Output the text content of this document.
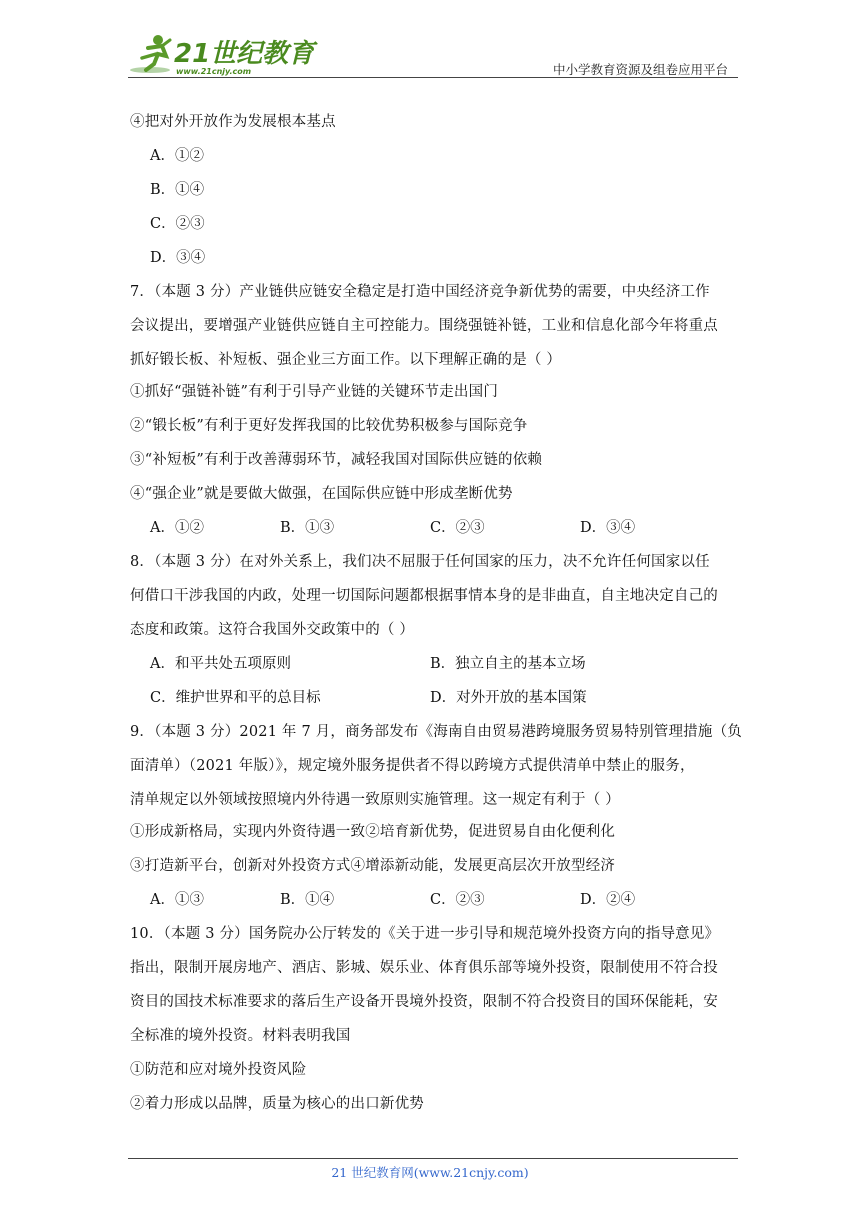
21世纪教育
www.21cnjy.com	中小学教育资源及组卷应用平台
④把对外开放作为发展根本基点
A．①②
B．①④
C．②③
D．③④
7．（本题 3 分）产业链供应链安全稳定是打造中国经济竞争新优势的需要，中央经济工作
会议提出，要增强产业链供应链自主可控能力。围绕强链补链，工业和信息化部今年将重点
抓好锻长板、补短板、强企业三方面工作。以下理解正确的是（ ）
①抓好“强链补链”有利于引导产业链的关键环节走出国门
②“锻长板”有利于更好发挥我国的比较优势积极参与国际竞争
③“补短板”有利于改善薄弱环节，减轻我国对国际供应链的依赖
④“强企业”就是要做大做强，在国际供应链中形成垄断优势
A．①②	B．①③	C．②③	D．③④
8．（本题 3 分）在对外关系上，我们决不屈服于任何国家的压力，决不允许任何国家以任
何借口干涉我国的内政，处理一切国际问题都根据事情本身的是非曲直，自主地决定自己的
态度和政策。这符合我国外交政策中的（ ）
A．和平共处五项原则	B．独立自主的基本立场
C．维护世界和平的总目标	D．对外开放的基本国策
9．（本题 3 分）2021 年 7 月，商务部发布《海南自由贸易港跨境服务贸易特别管理措施（负
面清单）（2021 年版）》，规定境外服务提供者不得以跨境方式提供清单中禁止的服务，
清单规定以外领域按照境内外待遇一致原则实施管理。这一规定有利于（ ）
①形成新格局，实现内外资待遇一致②培育新优势，促进贸易自由化便利化
③打造新平台，创新对外投资方式④增添新动能，发展更高层次开放型经济
A．①③	B．①④	C．②③	D．②④
10．（本题 3 分）国务院办公厅转发的《关于进一步引导和规范境外投资方向的指导意见》
指出，限制开展房地产、酒店、影城、娱乐业、体育俱乐部等境外投资，限制使用不符合投
资目的国技术标准要求的落后生产设备开畏境外投资，限制不符合投资目的国环保能耗，安
全标准的境外投资。材料表明我国
①防范和应对境外投资风险
②着力形成以品牌，质量为核心的出口新优势
21 世纪教育网(www.21cnjy.com)
